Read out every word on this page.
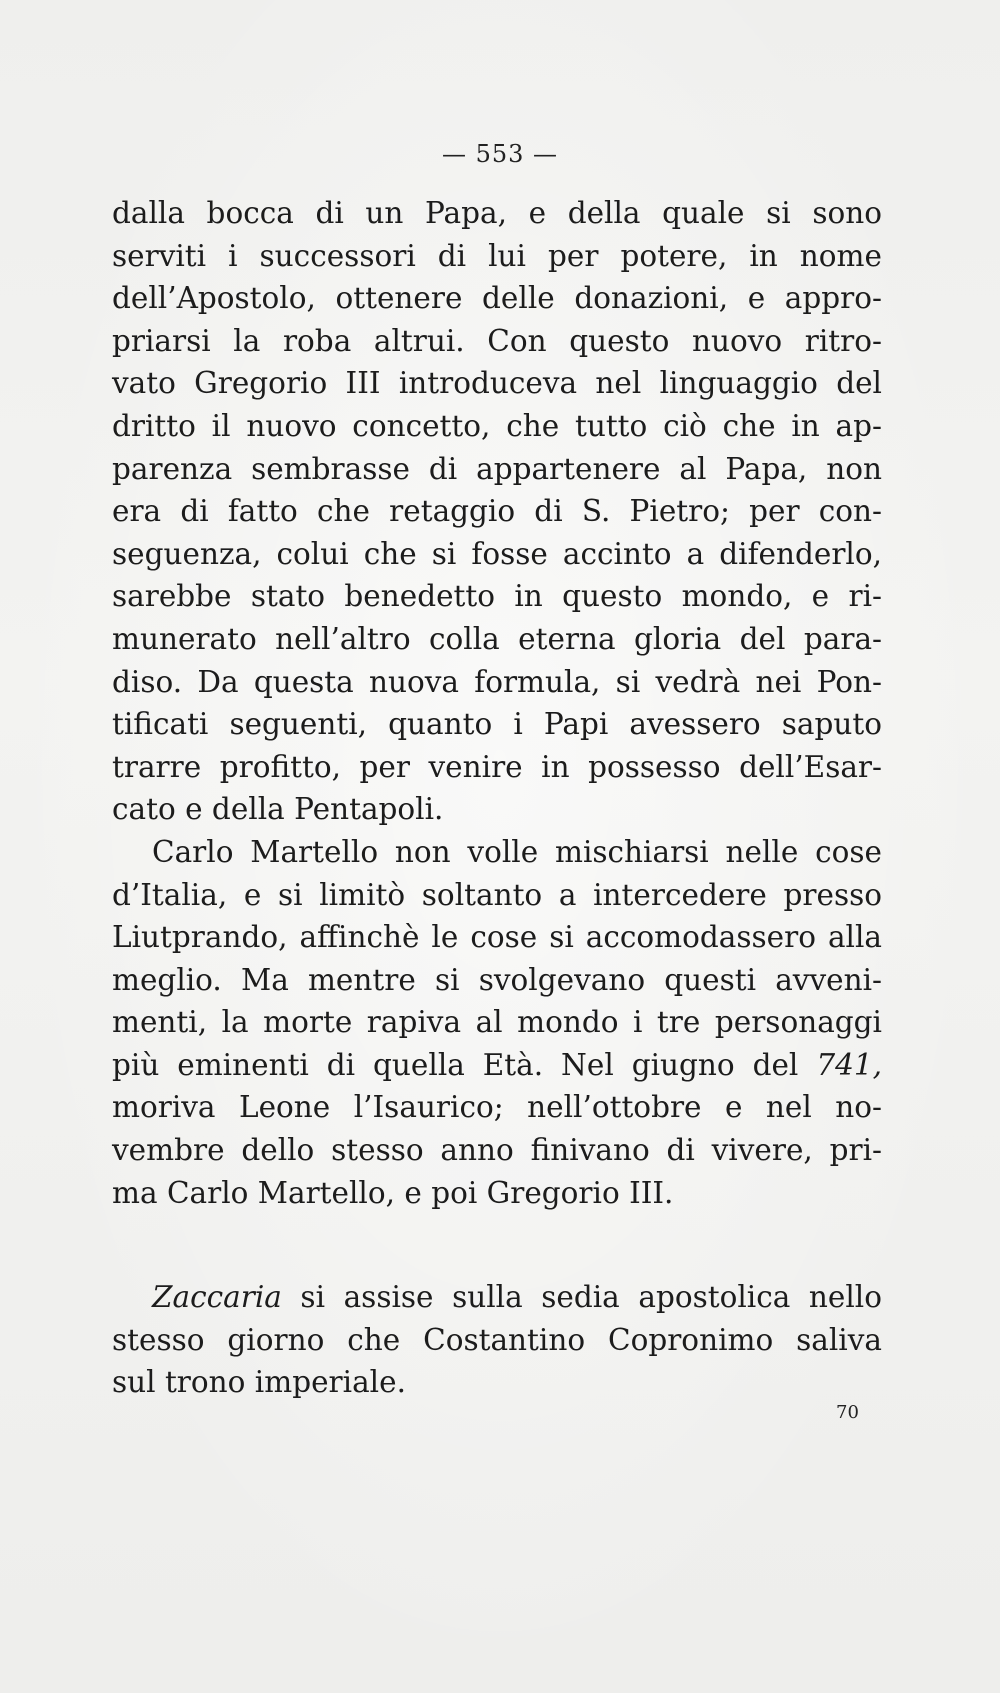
— 553 —
dalla bocca di un Papa, e della quale si sono
serviti i successori di lui per potere, in nome
dell’Apostolo, ottenere delle donazioni, e appro-
priarsi la roba altrui. Con questo nuovo ritro-
vato Gregorio III introduceva nel linguaggio del
dritto il nuovo concetto, che tutto ciò che in ap-
parenza sembrasse di appartenere al Papa, non
era di fatto che retaggio di S. Pietro; per con-
seguenza, colui che si fosse accinto a difenderlo,
sarebbe stato benedetto in questo mondo, e ri-
munerato nell’altro colla eterna gloria del para-
diso. Da questa nuova formula, si vedrà nei Pon-
tificati seguenti, quanto i Papi avessero saputo
trarre profitto, per venire in possesso dell’Esar-
cato e della Pentapoli.
Carlo Martello non volle mischiarsi nelle cose
d’Italia, e si limitò soltanto a intercedere presso
Liutprando, affinchè le cose si accomodassero alla
meglio. Ma mentre si svolgevano questi avveni-
menti, la morte rapiva al mondo i tre personaggi
più eminenti di quella Età. Nel giugno del 741,
moriva Leone l’Isaurico; nell’ottobre e nel no-
vembre dello stesso anno finivano di vivere, pri-
ma Carlo Martello, e poi Gregorio III.
Zaccaria si assise sulla sedia apostolica nello
stesso giorno che Costantino Copronimo saliva
sul trono imperiale.
70
